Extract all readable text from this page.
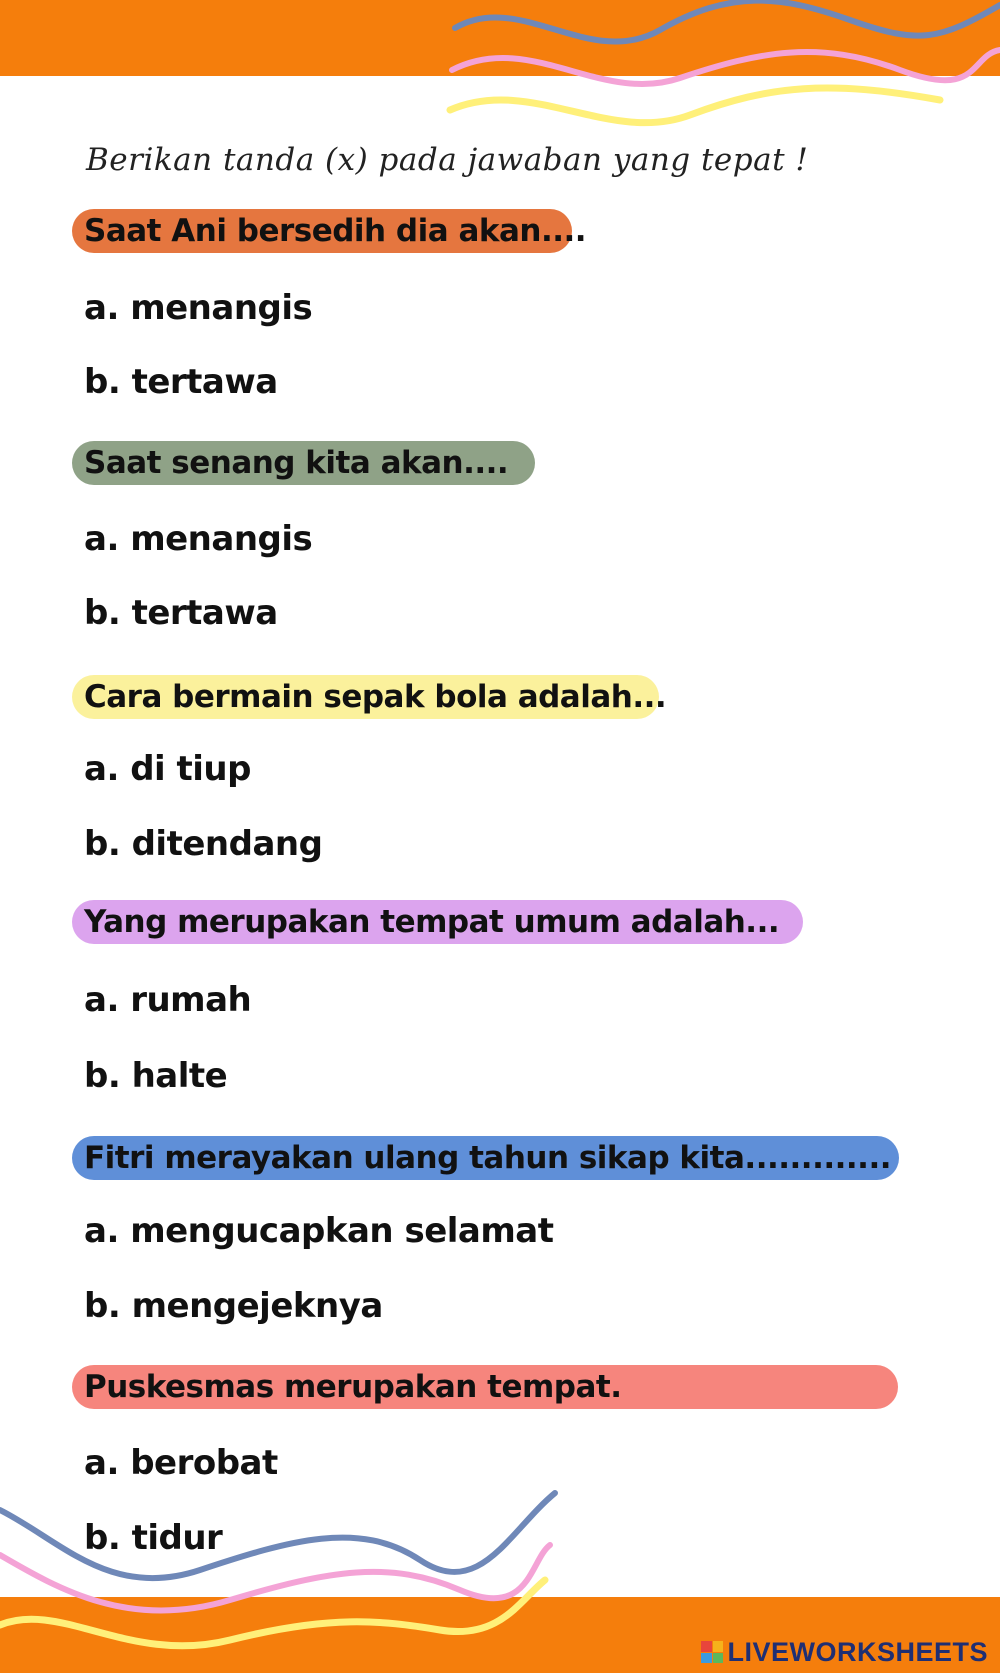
Berikan tanda (x) pada jawaban yang tepat !
Saat Ani bersedih dia akan....
a. menangis
b. tertawa
Saat senang kita akan....
a. menangis
b. tertawa
Cara bermain sepak bola adalah...
a. di tiup
b. ditendang
Yang merupakan tempat umum adalah...
a. rumah
b. halte
Fitri merayakan ulang tahun sikap kita.............
a. mengucapkan selamat
b. mengejeknya
Puskesmas merupakan tempat.
a. berobat
b. tidur
LIVEWORKSHEETS
